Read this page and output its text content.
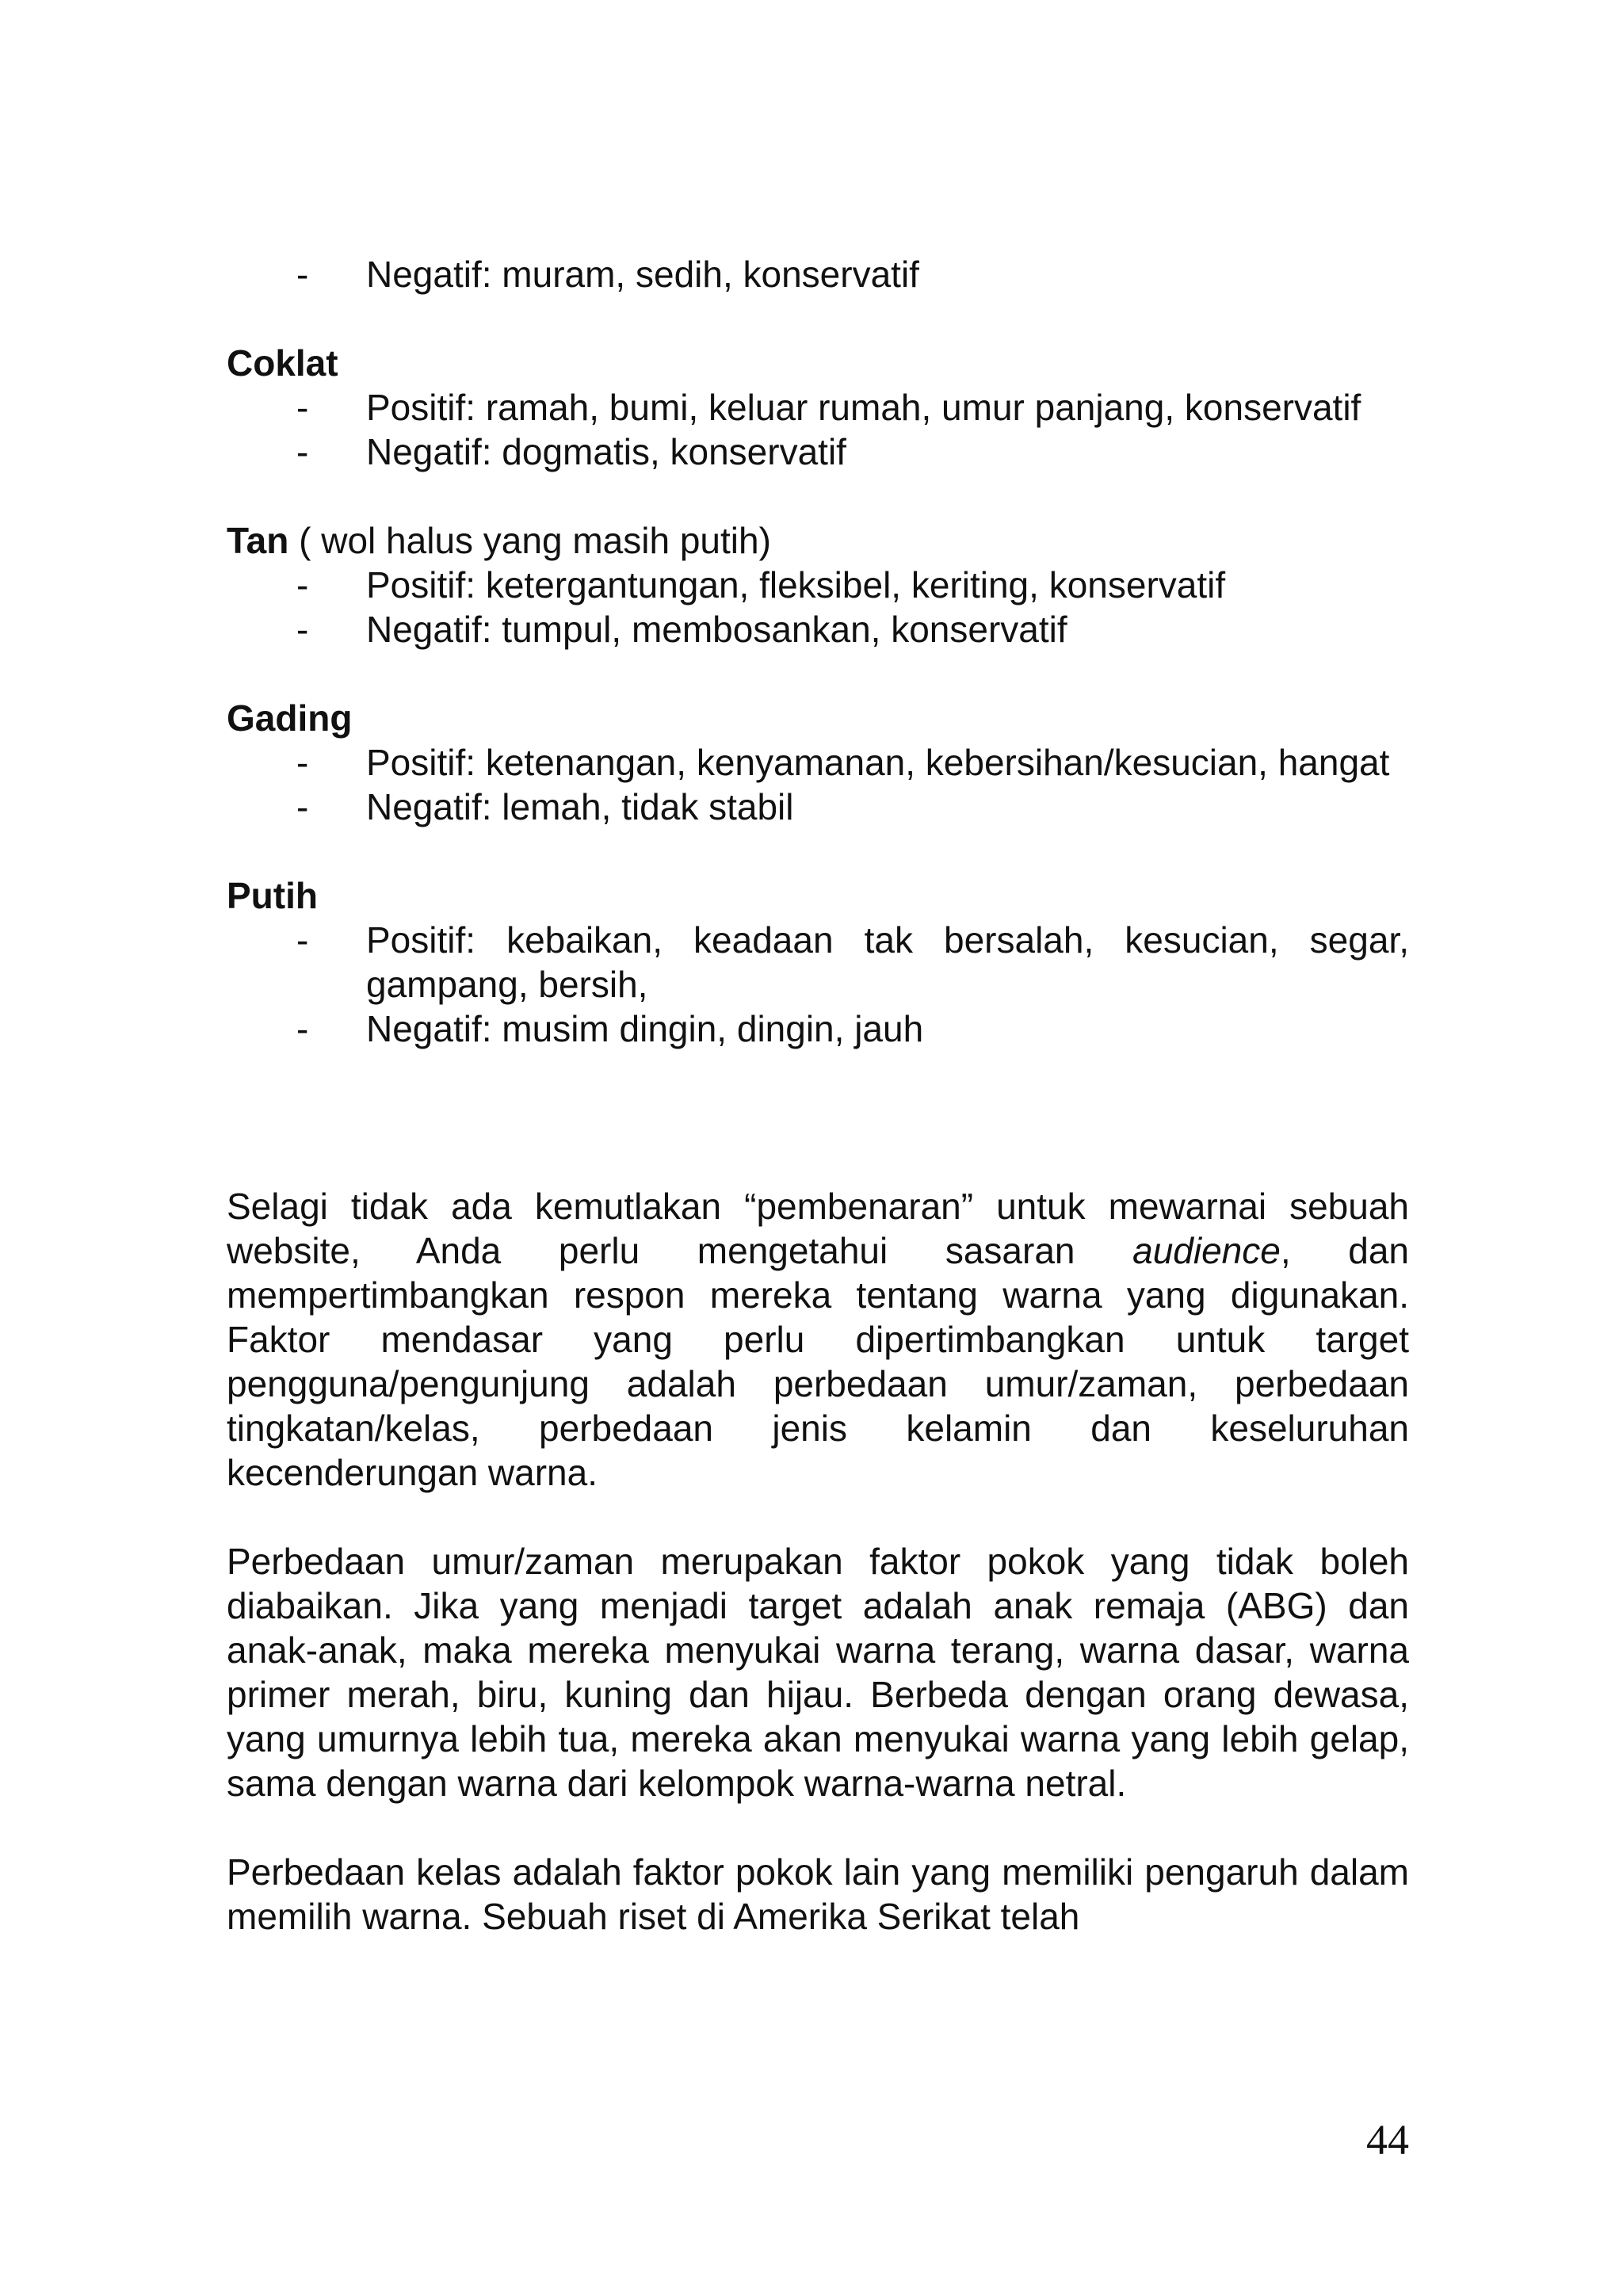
- Negatif: muram, sedih, konservatif
Coklat
- Positif: ramah, bumi, keluar rumah, umur panjang, konservatif
- Negatif: dogmatis, konservatif
Tan ( wol halus yang masih putih)
- Positif: ketergantungan, fleksibel, keriting, konservatif
- Negatif: tumpul, membosankan, konservatif
Gading
- Positif: ketenangan, kenyamanan, kebersihan/kesucian, hangat
- Negatif: lemah, tidak stabil
Putih
- Positif: kebaikan, keadaan tak bersalah, kesucian, segar, gampang, bersih,
- Negatif: musim dingin, dingin, jauh

Selagi tidak ada kemutlakan “pembenaran” untuk mewarnai sebuah website, Anda perlu mengetahui sasaran audience, dan mempertimbangkan respon mereka tentang warna yang digunakan. Faktor mendasar yang perlu dipertimbangkan untuk target pengguna/pengunjung adalah perbedaan umur/zaman, perbedaan tingkatan/kelas, perbedaan jenis kelamin dan keseluruhan kecenderungan warna.

Perbedaan umur/zaman merupakan faktor pokok yang tidak boleh diabaikan. Jika yang menjadi target adalah anak remaja (ABG) dan anak-anak, maka mereka menyukai warna terang, warna dasar, warna primer merah, biru, kuning dan hijau. Berbeda dengan orang dewasa, yang umurnya lebih tua, mereka akan menyukai warna yang lebih gelap, sama dengan warna dari kelompok warna-warna netral.

Perbedaan kelas adalah faktor pokok lain yang memiliki pengaruh dalam memilih warna. Sebuah riset di Amerika Serikat telah

44
